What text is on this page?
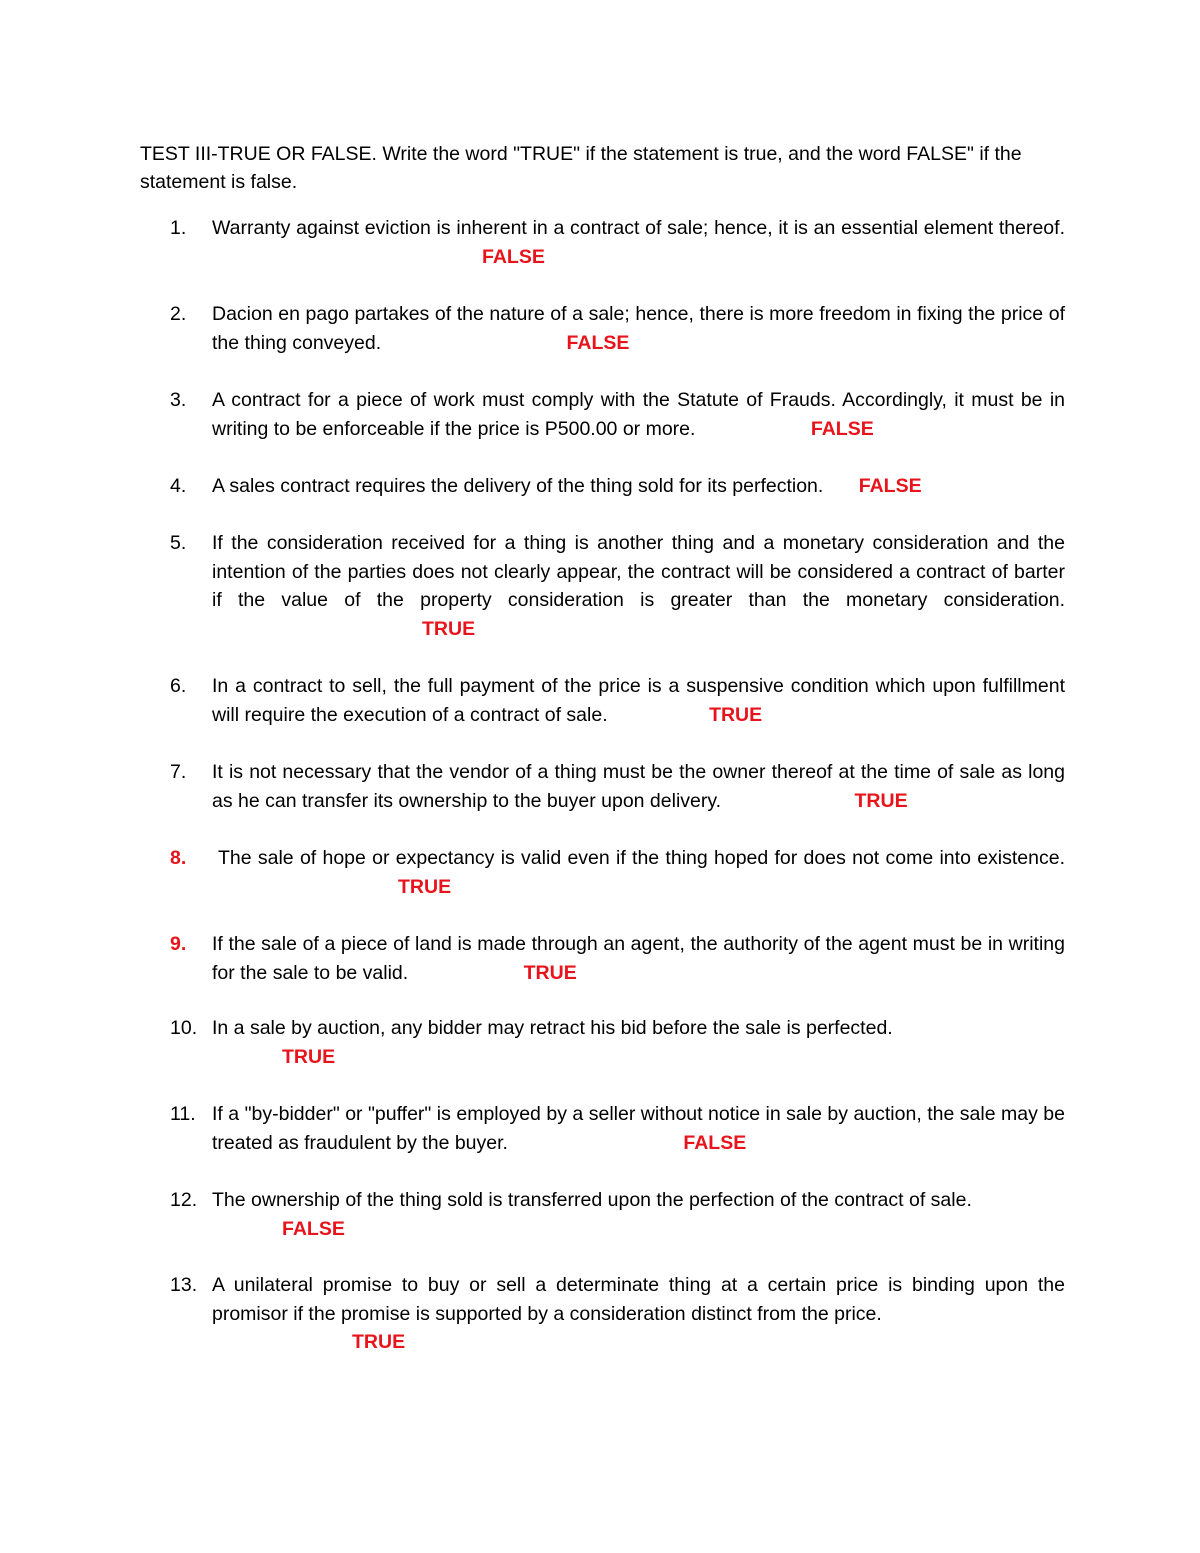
TEST III-TRUE OR FALSE. Write the word "TRUE" if the statement is true, and the word FALSE" if the statement is false.
1.	Warranty against eviction is inherent in a contract of sale; hence, it is an essential element thereof. FALSE
2.	Dacion en pago partakes of the nature of a sale; hence, there is more freedom in fixing the price of the thing conveyed.	FALSE
3.	A contract for a piece of work must comply with the Statute of Frauds. Accordingly, it must be in writing to be enforceable if the price is P500.00 or more.	FALSE
4.	A sales contract requires the delivery of the thing sold for its perfection. FALSE
5.	If the consideration received for a thing is another thing and a monetary consideration and the intention of the parties does not clearly appear, the contract will be considered a contract of barter if the value of the property consideration is greater than the monetary consideration. TRUE
6.	In a contract to sell, the full payment of the price is a suspensive condition which upon fulfillment will require the execution of a contract of sale.	TRUE
7.	It is not necessary that the vendor of a thing must be the owner thereof at the time of sale as long as he can transfer its ownership to the buyer upon delivery.	TRUE
8.	The sale of hope or expectancy is valid even if the thing hoped for does not come into existence. TRUE
9.	If the sale of a piece of land is made through an agent, the authority of the agent must be in writing for the sale to be valid.	TRUE
10. In a sale by auction, any bidder may retract his bid before the sale is perfected.
TRUE
11. If a "by-bidder" or "puffer" is employed by a seller without notice in sale by auction, the sale may be treated as fraudulent by the buyer.	FALSE
12. The ownership of the thing sold is transferred upon the perfection of the contract of sale.
FALSE
13. A unilateral promise to buy or sell a determinate thing at a certain price is binding upon the promisor if the promise is supported by a consideration distinct from the price.
TRUE
